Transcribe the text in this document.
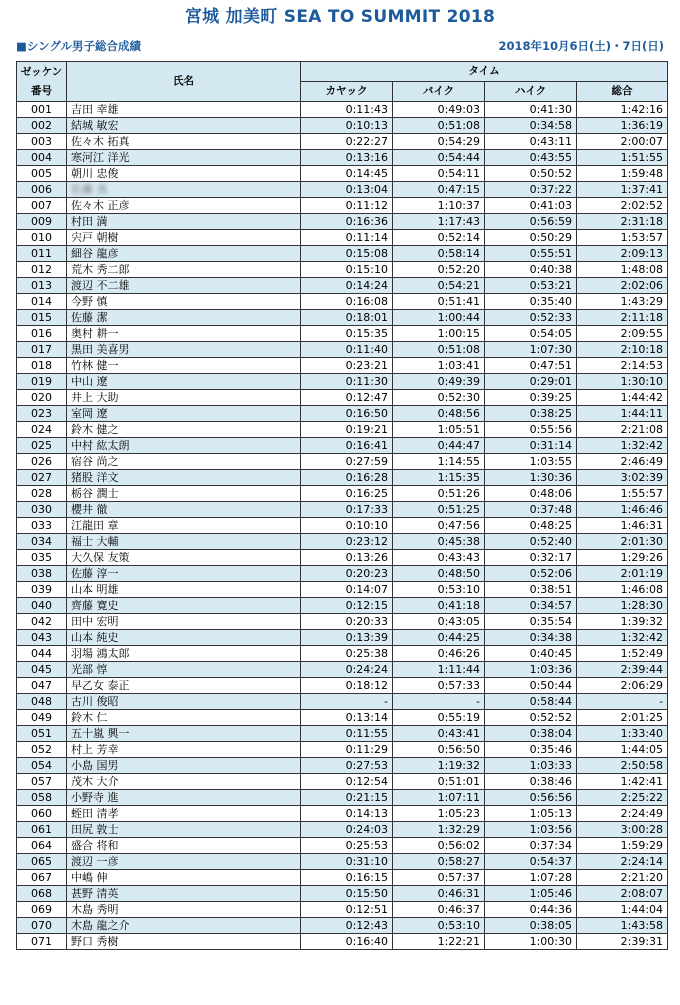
宮城 加美町 SEA TO SUMMIT 2018
■シングル男子総合成績	2018年10月6日(土)・7日(日)
ゼッケン
番号	氏名	タイム			
		カヤック	バイク	ハイク	総合
001	吉田 幸雄	0:11:43	0:49:03	0:41:30	1:42:16
002	結城 敏宏	0:10:13	0:51:08	0:34:58	1:36:19
003	佐々木 拓真	0:22:27	0:54:29	0:43:11	2:00:07
004	寒河江 洋光	0:13:16	0:54:44	0:43:55	1:51:55
005	朝川 忠俊	0:14:45	0:54:11	0:50:52	1:59:48
006	佐藤 真	0:13:04	0:47:15	0:37:22	1:37:41
007	佐々木 正彦	0:11:12	1:10:37	0:41:03	2:02:52
009	村田 満	0:16:36	1:17:43	0:56:59	2:31:18
010	宍戸 朝樹	0:11:14	0:52:14	0:50:29	1:53:57
011	細谷 龍彦	0:15:08	0:58:14	0:55:51	2:09:13
012	荒木 秀二郎	0:15:10	0:52:20	0:40:38	1:48:08
013	渡辺 不二雄	0:14:24	0:54:21	0:53:21	2:02:06
014	今野 慎	0:16:08	0:51:41	0:35:40	1:43:29
015	佐藤 潔	0:18:01	1:00:44	0:52:33	2:11:18
016	奥村 耕一	0:15:35	1:00:15	0:54:05	2:09:55
017	黒田 美喜男	0:11:40	0:51:08	1:07:30	2:10:18
018	竹林 健一	0:23:21	1:03:41	0:47:51	2:14:53
019	中山 遼	0:11:30	0:49:39	0:29:01	1:30:10
020	井上 大助	0:12:47	0:52:30	0:39:25	1:44:42
023	室岡 遼	0:16:50	0:48:56	0:38:25	1:44:11
024	鈴木 健之	0:19:21	1:05:51	0:55:56	2:21:08
025	中村 紘太朗	0:16:41	0:44:47	0:31:14	1:32:42
026	宿谷 尚之	0:27:59	1:14:55	1:03:55	2:46:49
027	猪股 洋文	0:16:28	1:15:35	1:30:36	3:02:39
028	栃谷 潤士	0:16:25	0:51:26	0:48:06	1:55:57
030	櫻井 徹	0:17:33	0:51:25	0:37:48	1:46:46
033	江龍田 章	0:10:10	0:47:56	0:48:25	1:46:31
034	福士 大輔	0:23:12	0:45:38	0:52:40	2:01:30
035	大久保 友策	0:13:26	0:43:43	0:32:17	1:29:26
038	佐藤 淳一	0:20:23	0:48:50	0:52:06	2:01:19
039	山本 明雄	0:14:07	0:53:10	0:38:51	1:46:08
040	齊藤 寛史	0:12:15	0:41:18	0:34:57	1:28:30
042	田中 宏明	0:20:33	0:43:05	0:35:54	1:39:32
043	山本 純史	0:13:39	0:44:25	0:34:38	1:32:42
044	羽場 鴻太郎	0:25:38	0:46:26	0:40:45	1:52:49
045	光部 惇	0:24:24	1:11:44	1:03:36	2:39:44
047	早乙女 泰正	0:18:12	0:57:33	0:50:44	2:06:29
048	古川 俊昭	-	-	0:58:44	-
049	鈴木 仁	0:13:14	0:55:19	0:52:52	2:01:25
051	五十嵐 興一	0:11:55	0:43:41	0:38:04	1:33:40
052	村上 芳幸	0:11:29	0:56:50	0:35:46	1:44:05
054	小島 国男	0:27:53	1:19:32	1:03:33	2:50:58
057	茂木 大介	0:12:54	0:51:01	0:38:46	1:42:41
058	小野寺 進	0:21:15	1:07:11	0:56:56	2:25:22
060	蛭田 清孝	0:14:13	1:05:23	1:05:13	2:24:49
061	田尻 敦士	0:24:03	1:32:29	1:03:56	3:00:28
064	盛合 将和	0:25:53	0:56:02	0:37:34	1:59:29
065	渡辺 一彦	0:31:10	0:58:27	0:54:37	2:24:14
067	中嶋 伸	0:16:15	0:57:37	1:07:28	2:21:20
068	甚野 清英	0:15:50	0:46:31	1:05:46	2:08:07
069	木島 秀明	0:12:51	0:46:37	0:44:36	1:44:04
070	木島 龍之介	0:12:43	0:53:10	0:38:05	1:43:58
071	野口 秀樹	0:16:40	1:22:21	1:00:30	2:39:31
